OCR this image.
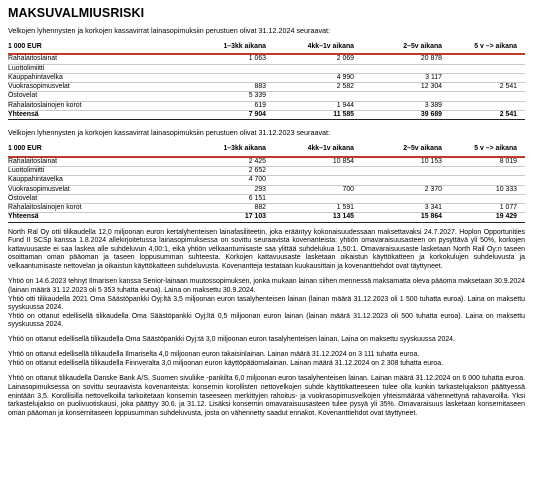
MAKSUVALMIUSRISKI

Velkojen lyhennysten ja korkojen kassavirrat lainasopimuksiin perustuen olivat 31.12.2024 seuraavat:

1 000 EUR	1–3kk aikana	4kk–1v aikana	2–5v aikana	5 v –> aikana
Rahalaitoslainat	1 063	2 069	20 878	
Luottolimiitti				
Kauppahintavelka		4 990	3 117	
Vuokrasopimusvelat	883	2 582	12 304	2 541
Ostovelat	5 339			
Rahalaitoslainojen korot	619	1 944	3 389	
Yhteensä	7 904	11 585	39 689	2 541

Velkojen lyhennysten ja korkojen kassavirrat lainasopimuksiin perustuen olivat 31.12.2023 seuraavat:

1 000 EUR	1–3kk aikana	4kk–1v aikana	2–5v aikana	5 v –> aikana
Rahalaitoslainat	2 425	10 854	10 153	8 019
Luottolimiitti	2 652			
Kauppahintavelka	4 700			
Vuokrasopimusvelat	293	700	2 370	10 333
Ostovelat	6 151			
Rahalaitoslainojen korot	882	1 591	3 341	1 077
Yhteensä	17 103	13 145	15 864	19 429

North Ral Oy otti tilikaudella 12,0 miljoonan euron kertalyhenteisen lainafasiliteetin, joka erääntyy kokonaisuudessaan maksettavaksi 24.7.2027. Hoplon Opportunities Fund II SCSp kanssa 1.8.2024 allekirjoitetussa lainasopimuksessa on sovittu seuraavista kovenanteista: yhtiön omavaraisuusasteen on pysyttävä yli 50%, korkojen kattavuusaste ei saa laskea alle suhdeluvun 4,00:1, eikä yhtiön velkaantumisaste saa ylittää suhdelukua 1,50:1. Omavaraisuusaste lasketaan North Rail Oy:n taseen osoittaman oman pääoman ja taseen loppusumman suhteesta. Korkojen kattavuusaste lasketaan oikaistun käyttökatteen ja korkokulujen suhdeluvusta ja velkaantumisaste nettovelan ja oikaistun käyttökatteen suhdeluvusta. Kovenantteja testataan kuukausittain ja kovenanttiehdot ovat täyttyneet.

Yhtiö on 14.6.2023 tehnyt Ilmarisen kanssa Senior-lainaan muutossopimuksen, jonka mukaan lainan siihen mennessä maksamatta oleva pääoma maksetaan 30.9.2024 (lainan määrä 31.12.2023 oli 5 353 tuhatta euroa). Laina on maksettu 30.9.2024.

Yhtiö otti tilikaudella 2021 Oma Säästöpankki Oyj:ltä 3,5 miljoonan euron tasalyhenteisen lainan (lainan määrä 31.12.2023 oli 1 500 tuhatta euroa). Laina on maksettu syyskuussa 2024.

Yhtiö on ottanut edellisellä tilikaudella Oma Säästöpankki Oyj:ltä 0,5 miljoonan euron lainan (lainan määrä 31.12.2023 oli 500 tuhatta euroa). Laina on maksettu syyskuussa 2024.

Yhtiö on ottanut edellisellä tilikaudella Oma Säästöpankki Oyj:tä 3,0 miljoonan euron tasalyhenteisen lainan. Laina on maksettu syyskuussa 2024.

Yhtiö on ottanut edellisellä tilikaudella Ilmariselta 4,0 miljoonan euron takaisinlainan. Lainan määrä 31.12.2024 on 3 111 tuhatta euroa.

Yhtiö on ottanut edellisellä tilikaudella Finnveralta 3,0 miljoonan euron käyttöpääomalainan. Lainan määrä 31.12.2024 on 2 308 tuhatta euroa.

Yhtiö on ottanut tilikaudella Danske Bank A/S, Suomen sivuliike -pankilta 6,0 miljoonan euron tasalyhenteisen lainan. Lainan määrä 31.12.2024 on 6 000 tuhatta euroa. Lainasopimuksessa on sovittu seuraavista kovenanteista: konsernin korollisten nettovelkojen suhde käyttökatteeseen tulee olla kunkin tarkastelujakson päättyessä enintään 3,5. Korollisilla nettovelkoilla tarkoitetaan konsernin taseeseen merkittyjen rahoitus- ja vuokrasopimusvelkojen yhteismäärää vähennettynä rahavaroilla. Yksi tarkastelujakso on puolivuotiskausi, joka päättyy 30.6. ja 31.12. Lisäksi konsernin omavaraisuusasteen tulee pysyä yli 35%. Omavaraisuus lasketaan konsernitaseen oman pääoman ja konsernitaseen loppusumman suhdeluvusta, josta on vähennetty saadut ennakot. Kovenanttiehdot ovat täyttyneet.
